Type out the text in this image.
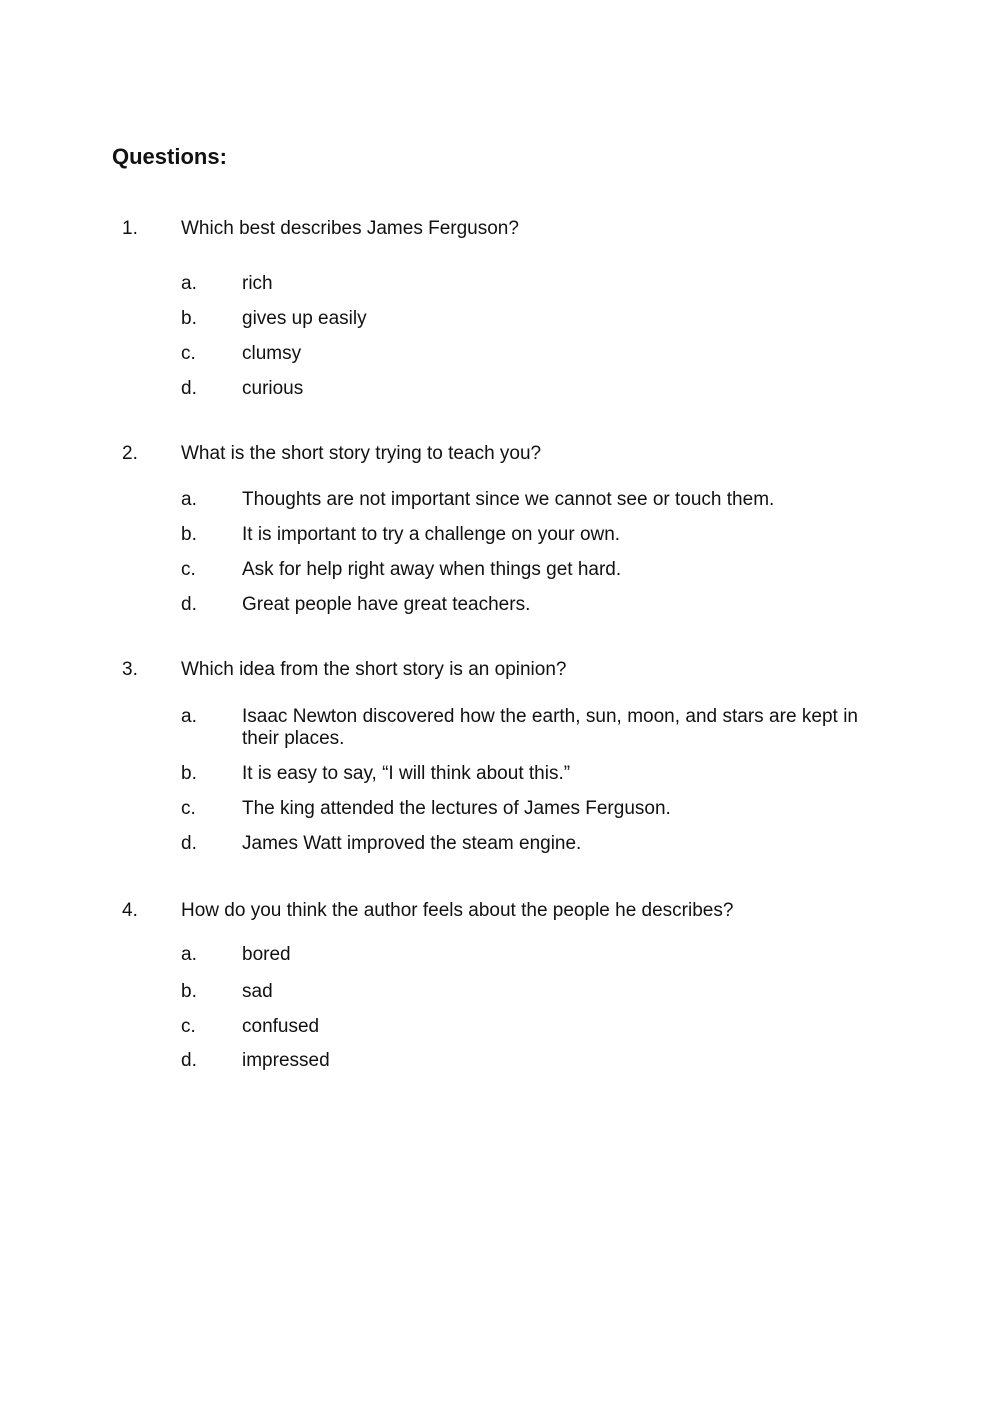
Questions:
1. Which best describes James Ferguson?
a. rich
b. gives up easily
c. clumsy
d. curious
2. What is the short story trying to teach you?
a. Thoughts are not important since we cannot see or touch them.
b. It is important to try a challenge on your own.
c. Ask for help right away when things get hard.
d. Great people have great teachers.
3. Which idea from the short story is an opinion?
a. Isaac Newton discovered how the earth, sun, moon, and stars are kept in their places.
b. It is easy to say, “I will think about this.”
c. The king attended the lectures of James Ferguson.
d. James Watt improved the steam engine.
4. How do you think the author feels about the people he describes?
a. bored
b. sad
c. confused
d. impressed
